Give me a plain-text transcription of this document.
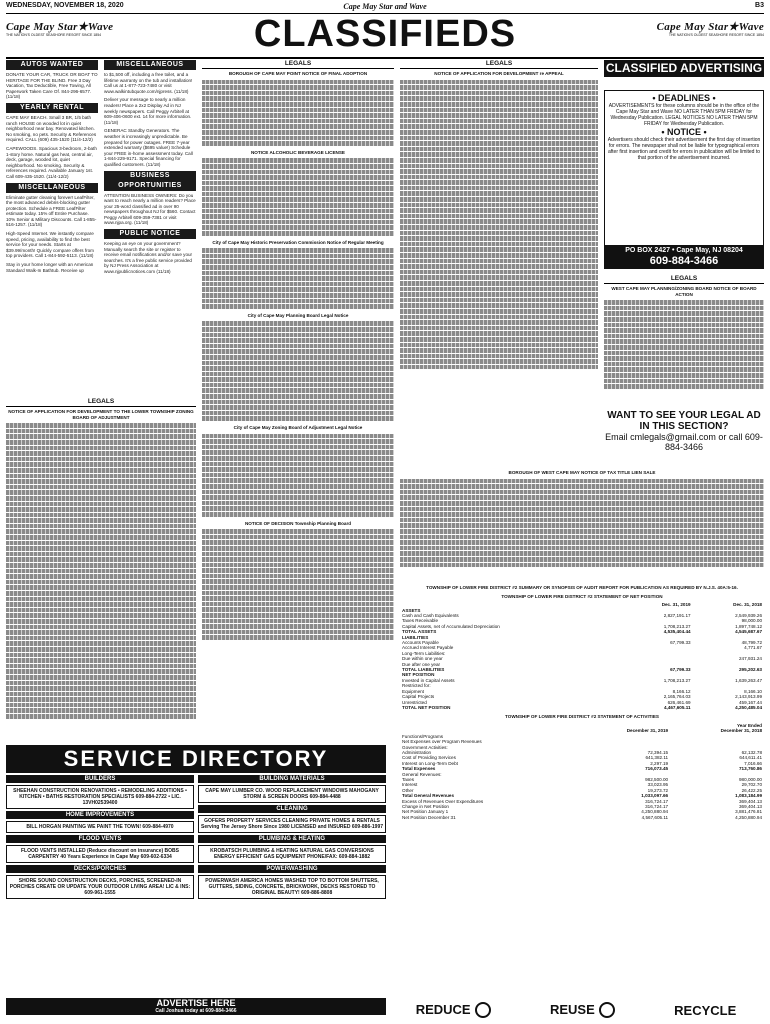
WEDNESDAY, NOVEMBER 18, 2020	Cape May Star and Wave	B3
Cape May Star★Wave
THE NATION'S OLDEST SEASHORE RESORT SINCE 1854	CLASSIFIEDS	Cape May Star★Wave
THE NATION'S OLDEST SEASHORE RESORT SINCE 1854
AUTOS WANTED

DONATE YOUR CAR, TRUCK OR BOAT TO HERITAGE FOR THE BLIND. Free 3 Day Vacation, Tax Deductible, Free Towing, All Paperwork Taken Care Of. 844-296-6577. (11/18)

YEARLY RENTAL

CAPE MAY BEACH. Small 3 BR, 1/5 bath ranch HOUSE on wooded lot in quiet neighborhood near bay. Renovated kitchen. No smoking, no pets. Security & References required. CALL (609) 435-1520 (11/4-12/2)

CAPEWOODS. Spacious 3-bedroom, 2-bath 1-story home. Natural gas heat, central air, deck, garage, wooded lot, quiet neighborhood. No smoking. Security & references required. Available January 1st. Call 609-435-1520. (11/4-12/2)

MISCELLANEOUS

Eliminate gutter cleaning forever! LeafFilter, the most advanced debris-blocking gutter protection. Schedule a FREE LeafFilter estimate today. 15% off Entire Purchase. 10% Senior & Military Discounts. Call 1-855-516-1257. (11/18)

High-Speed Internet. We instantly compare speed, pricing, availability to find the best service for your needs. Starts at $39.99/month! Quickly compare offers from top providers. Call 1-844-592-5113. (11/18)

Stay in your home longer with an American Standard Walk-In Bathtub. Receive up

MISCELLANEOUS

to $1,500 off, including a free toilet, and a lifetime warranty on the tub and installation! Call us at 1-877-723-7480 or visit www.walkintubquote.com/njpress. (11/18)

Deliver your message to nearly a million readers! Place a 2x2 Display Ad in NJ weekly newspapers. Call Peggy Arbitell at 609-406-0600 ext. 14 for more information. (11/18)

GENERAC Standby Generators. The weather is increasingly unpredictable. Be prepared for power outages. FREE 7-year extended warranty ($695 value!) Schedule your FREE in-home assessment today. Call 1-844-229-9171. Special financing for qualified customers. (11/18)

BUSINESS OPPORTUNITIES

ATTENTION BUSINESS OWNERS: Do you want to reach nearly a million readers? Place your 25-word classified ad in over 90 newspapers throughout NJ for $560. Contact Peggy Arbitell 609-359-7381 or visit www.njpa.org. (11/18)

PUBLIC NOTICE

Keeping an eye on your government? Manually search the site or register to receive email notifications and/or save your searches. It's a free public service provided by NJ Press Association at www.njpublicnotices.com (11/18)

LEGALS

NOTICE OF APPLICATION FOR DEVELOPMENT TO THE LOWER TOWNSHIP ZONING BOARD OF ADJUSTMENT

LEGALS

BOROUGH OF CAPE MAY POINT NOTICE OF FINAL ADOPTION

NOTICE ALCOHOLIC BEVERAGE LICENSE

City of Cape May Historic Preservation Commission Notice of Regular Meeting

City of Cape May Planning Board Legal Notice

City of Cape May Zoning Board of Adjustment Legal Notice

NOTICE OF DECISION Township Planning Board

LEGALS

NOTICE OF APPLICATION FOR DEVELOPMENT re APPEAL	CLASSIFIED ADVERTISING
• DEADLINES •
ADVERTISEMENTS for these columns should be in the office of the Cape May Star and Wave NO LATER THAN 5PM FRIDAY for Wednesday Publication. LEGAL NOTICES NO LATER THAN 5PM FRIDAY for Wednesday Publication.
• NOTICE •
Advertisers should check their advertisement the first day of insertion for errors. The newspaper shall not be liable for typographical errors after first insertion and credit for errors in publication will be limited to that portion of the advertisement incurred.
PO BOX 2427 • Cape May, NJ 08204
609-884-3466
LEGALS

WEST CAPE MAY PLANNING/ZONING BOARD NOTICE OF BOARD ACTION

WANT TO SEE YOUR LEGAL AD IN THIS SECTION?
Email cmlegals@gmail.com or call 609-884-3466

BOROUGH OF WEST CAPE MAY NOTICE OF TAX TITLE LIEN SALE

TOWNSHIP OF LOWER FIRE DISTRICT #2 SUMMARY OR SYNOPSIS OF AUDIT REPORT FOR PUBLICATION AS REQUIRED BY N.J.S. 40A:5-16.

TOWNSHIP OF LOWER FIRE DISTRICT #2 STATEMENT OF NET POSITION

	Dec. 31, 2019	Dec. 31, 2018
ASSETS		
Cash and Cash Equivalents	2,827,191.17	2,549,939.26
Taxes Receivable		98,000.00
Capital Assets, net of Accumulated Depreciation	1,708,213.27	1,897,748.12
TOTAL ASSETS	4,535,404.44	4,545,687.67
LIABILITIES		
Accounts Payable	67,799.33	48,799.72
Accrued Interest Payable		4,771.67
Long-Term Liabilities:		
Due within one year		247,931.24
Due after one year		
TOTAL LIABILITIES	67,799.33	295,202.63
NET POSITION		
Invested in Capital Assets	1,708,213.27	1,639,263.47
Restricted for:		
Equipment	8,166.12	8,166.10
Capital Projects	2,165,764.03	2,143,913.99
Unrestricted	626,461.69	459,167.44
TOTAL NET POSITION	4,467,605.11	4,250,485.04

TOWNSHIP OF LOWER FIRE DISTRICT #2 STATEMENT OF ACTIVITIES

	Year Ended	
	December 31, 2019	December 31, 2018
Functions/Programs		
Net Expenses over Program Revenues		
Government Activities:		
Administration	72,394.15	62,132.78
Cost of Providing Services	641,382.11	644,611.41
Interest on Long-Term Debt	2,297.19	7,016.66
Total Expenses	716,073.45	713,760.86
General Revenues:		
Taxes	982,500.00	980,000.00
Interest	33,023.95	29,702.70
Other	19,273.72	26,422.25
Total General Revenues	1,033,097.66	1,083,184.99
Excess of Revenues Over Expenditures	316,724.17	369,404.13
Change in Net Position	316,724.17	369,404.13
Net Position January 1	4,250,880.94	3,881,476.81
Net Position December 31	4,567,605.11	4,250,880.94
SERVICE DIRECTORY
BUILDERS
SHEEHAN CONSTRUCTION RENOVATIONS • REMODELING ADDITIONS • KITCHEN • BATHS RESTORATION SPECIALISTS 609-884-2722 • LIC. 13VH02539400
HOME IMPROVEMENTS
BILL HORGAN PAINTING WE PAINT THE TOWN! 609-884-4970
FLOOD VENTS
FLOOD VENTS INSTALLED (Reduce discount on insurance) BOBS CARPENTRY 40 Years Experience in Cape May 609-602-6334
DECKS/PORCHES
SHORE SOUND CONSTRUCTION DECKS, PORCHES, SCREENED-IN PORCHES CREATE OR UPDATE YOUR OUTDOOR LIVING AREA! LIC & INS: 609-961-1555
BUILDING MATERIALS
CAPE MAY LUMBER CO. WOOD REPLACEMENT WINDOWS MAHOGANY STORM & SCREEN DOORS 609-884-4488
CLEANING
GOFERS PROPERTY SERVICES CLEANING PRIVATE HOMES & RENTALS Serving The Jersey Shore Since 1980 LICENSED and INSURED 609-886-1997
PLUMBING & HEATING
KROBATSCH PLUMBING & HEATING NATURAL GAS CONVERSIONS ENERGY EFFICIENT GAS EQUIPMENT PHONE/FAX: 609-884-1882
POWERWASHING
POWERWASH AMERICA HOMES WASHED TOP TO BOTTOM SHUTTERS, GUTTERS, SIDING, CONCRETE, BRICKWORK, DECKS RESTORED TO ORIGINAL BEAUTY! 609-886-8808
ADVERTISE HERE
Call Joshua today at 609-884-3466	REDUCE	REUSE	RECYCLE
